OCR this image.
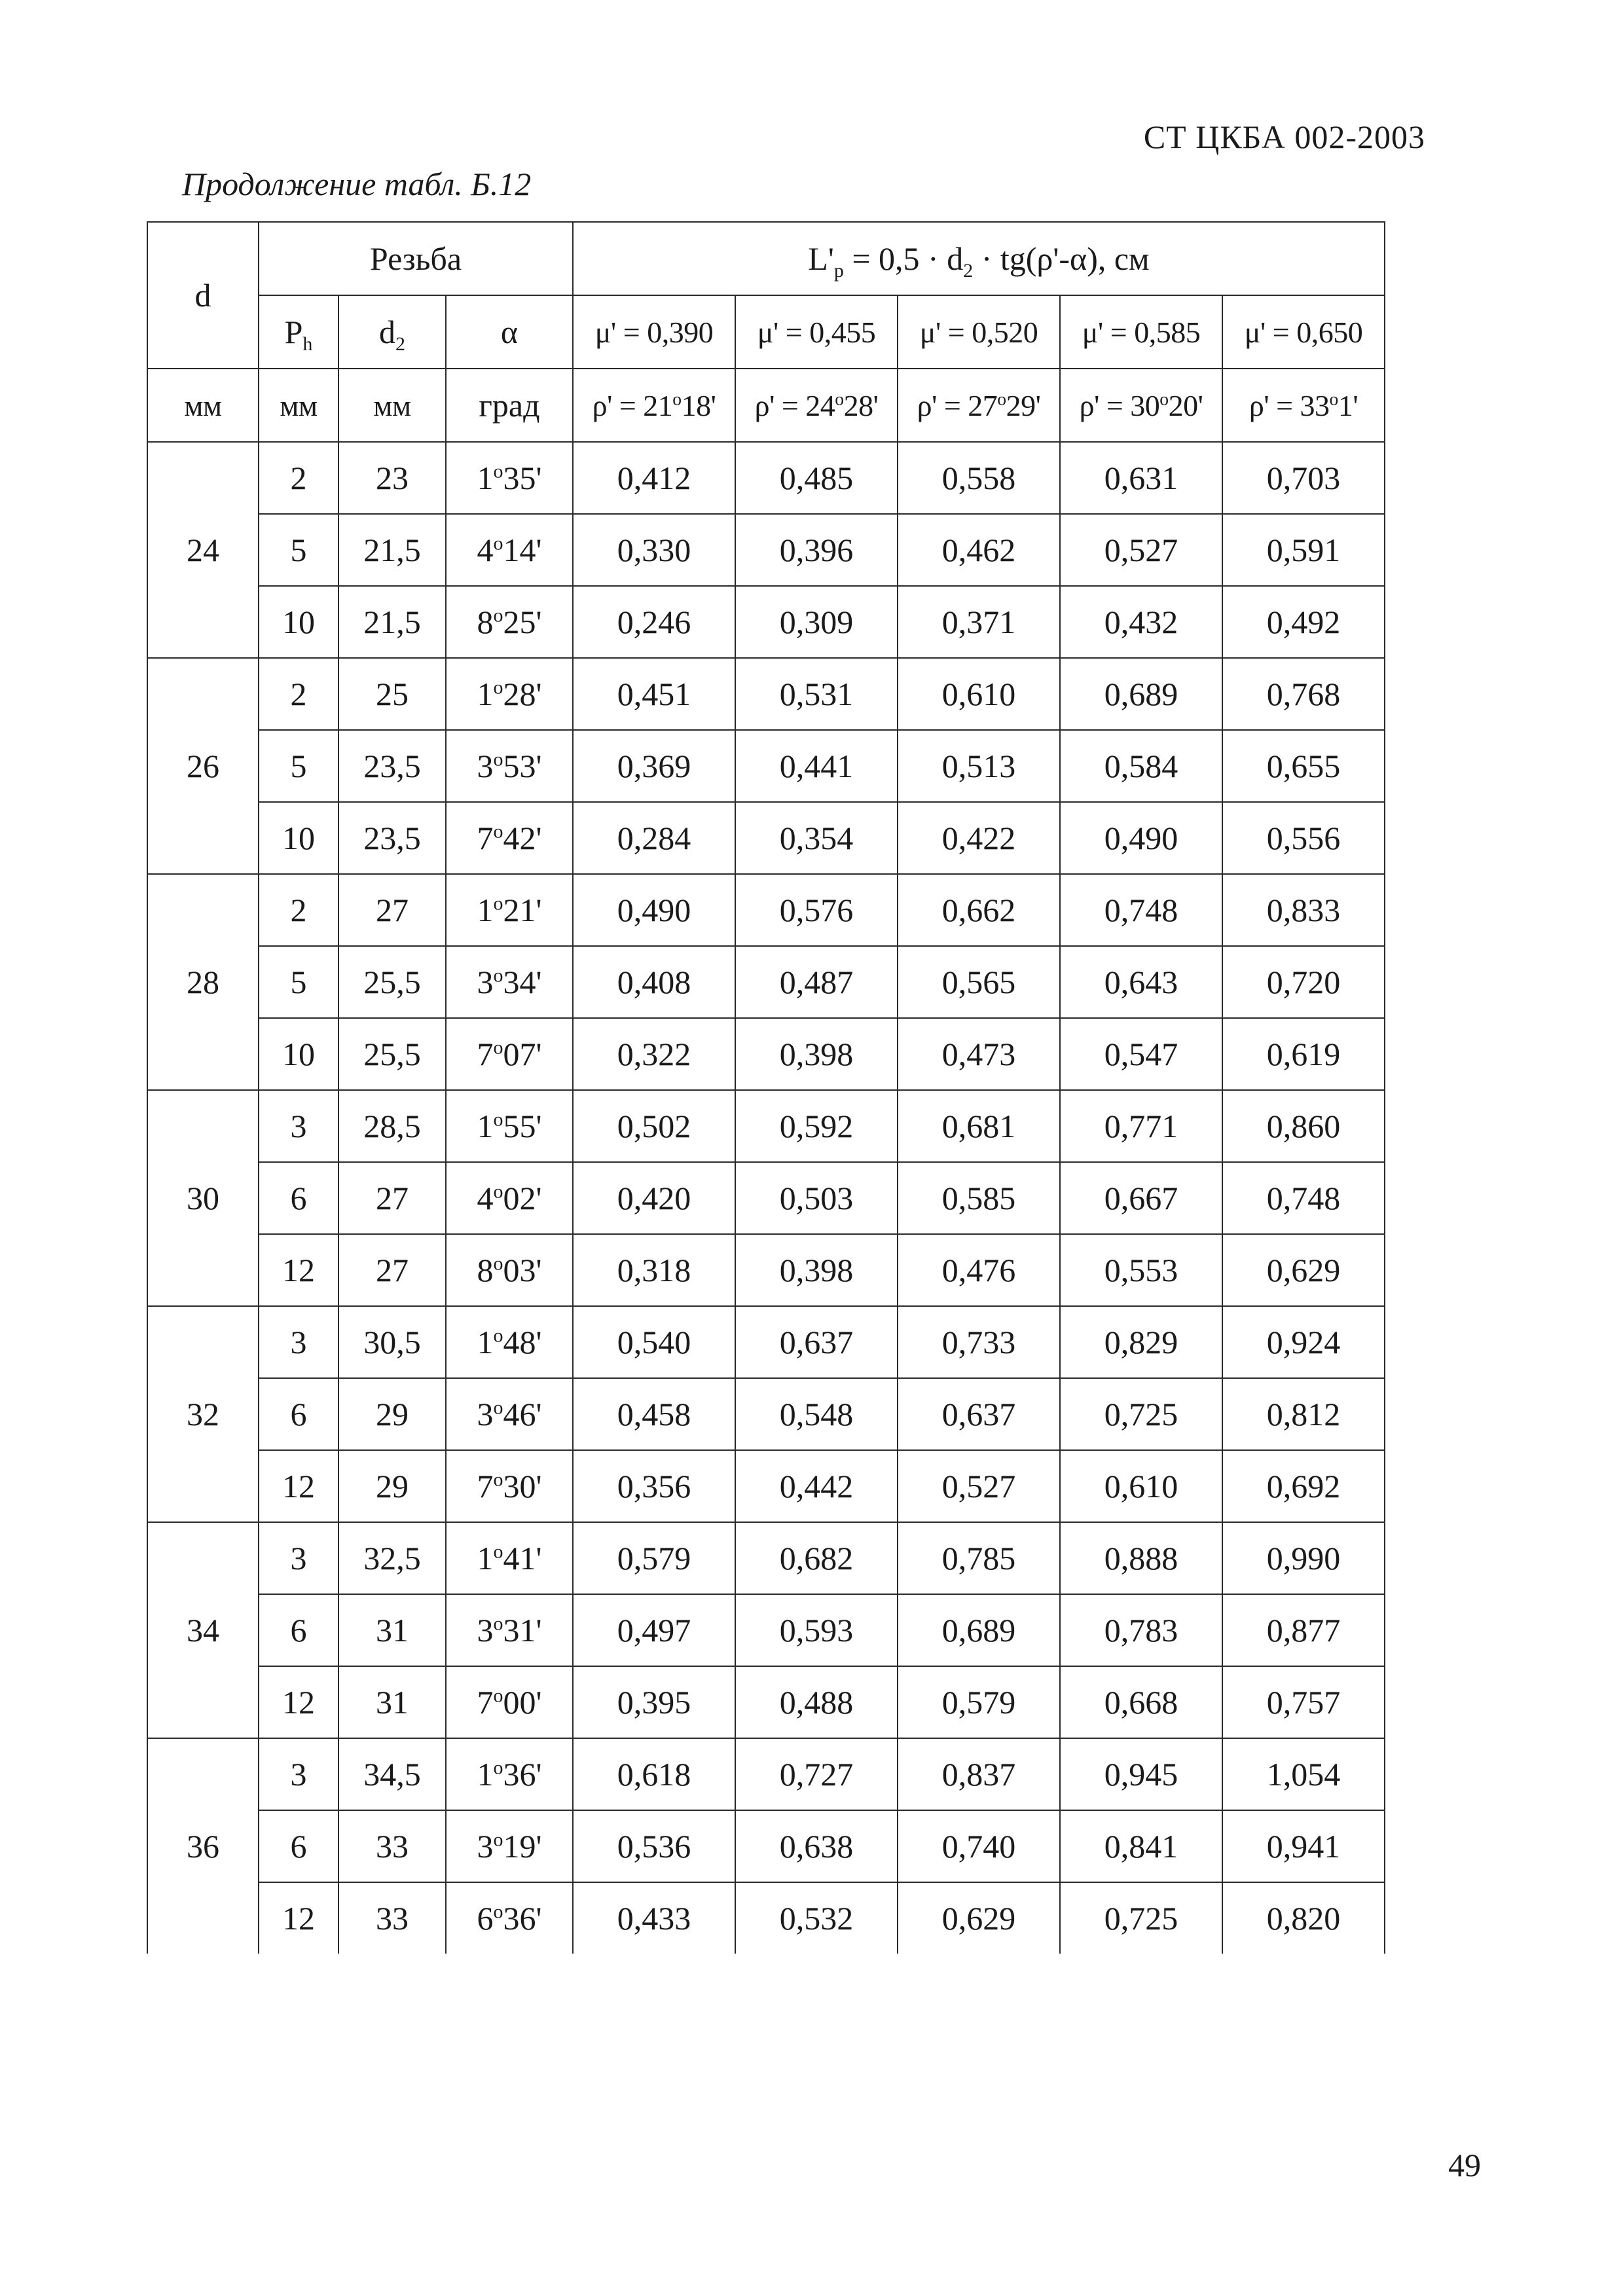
СТ ЦКБА 002-2003
Продолжение табл. Б.12
d	Резьба			$L'_p = 0,5 \cdot d_2 \cdot tg(\rho'-\alpha)$, см				
	$P_h$	$d_2$	α	μ' = 0,390	μ' = 0,455	μ' = 0,520	μ' = 0,585	μ' = 0,650
мм	мм	мм	град	$\rho' = 21^o18'$	$\rho' = 24^o28'$	$\rho' = 27^o29'$	$\rho' = 30^o20'$	$\rho' = 33^o1'$
24	2	23	1$^o$35'	0,412	0,485	0,558	0,631	0,703
	5	21,5	4$^o$14'	0,330	0,396	0,462	0,527	0,591
	10	21,5	8$^o$25'	0,246	0,309	0,371	0,432	0,492
26	2	25	1$^o$28'	0,451	0,531	0,610	0,689	0,768
	5	23,5	3$^o$53'	0,369	0,441	0,513	0,584	0,655
	10	23,5	7$^o$42'	0,284	0,354	0,422	0,490	0,556
28	2	27	1$^o$21'	0,490	0,576	0,662	0,748	0,833
	5	25,5	3$^o$34'	0,408	0,487	0,565	0,643	0,720
	10	25,5	7$^o$07'	0,322	0,398	0,473	0,547	0,619
30	3	28,5	1$^o$55'	0,502	0,592	0,681	0,771	0,860
	6	27	4$^o$02'	0,420	0,503	0,585	0,667	0,748
	12	27	8$^o$03'	0,318	0,398	0,476	0,553	0,629
32	3	30,5	1$^o$48'	0,540	0,637	0,733	0,829	0,924
	6	29	3$^o$46'	0,458	0,548	0,637	0,725	0,812
	12	29	7$^o$30'	0,356	0,442	0,527	0,610	0,692
34	3	32,5	1$^o$41'	0,579	0,682	0,785	0,888	0,990
	6	31	3$^o$31'	0,497	0,593	0,689	0,783	0,877
	12	31	7$^o$00'	0,395	0,488	0,579	0,668	0,757
36	3	34,5	1$^o$36'	0,618	0,727	0,837	0,945	1,054
	6	33	3$^o$19'	0,536	0,638	0,740	0,841	0,941
	12	33	6$^o$36'	0,433	0,532	0,629	0,725	0,820
49
